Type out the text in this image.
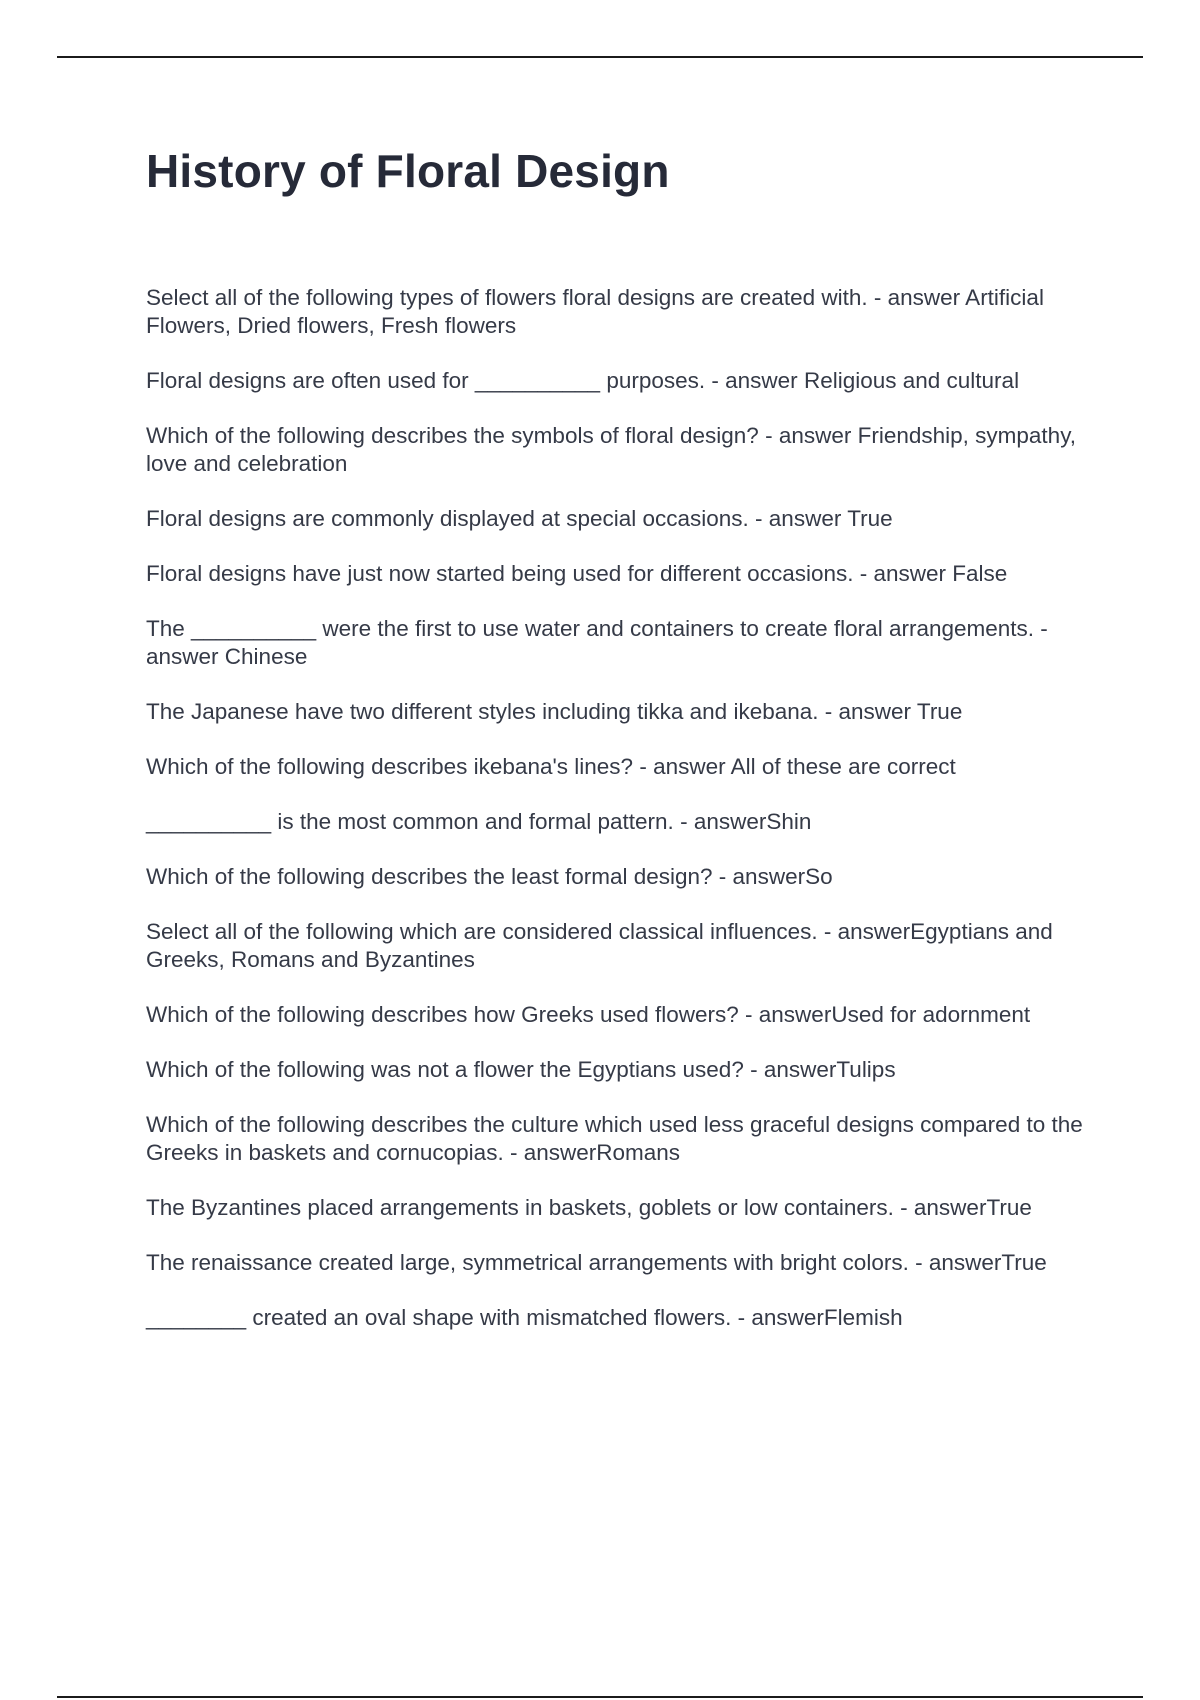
History of Floral Design
Select all of the following types of flowers floral designs are created with. - answer Artificial Flowers, Dried flowers, Fresh flowers
Floral designs are often used for __________ purposes. - answer Religious and cultural
Which of the following describes the symbols of floral design? - answer Friendship, sympathy, love and celebration
Floral designs are commonly displayed at special occasions. - answer True
Floral designs have just now started being used for different occasions. - answer False
The __________ were the first to use water and containers to create floral arrangements. - answer Chinese
The Japanese have two different styles including tikka and ikebana. - answer True
Which of the following describes ikebana's lines? - answer All of these are correct
__________ is the most common and formal pattern. - answerShin
Which of the following describes the least formal design? - answerSo
Select all of the following which are considered classical influences. - answerEgyptians and Greeks, Romans and Byzantines
Which of the following describes how Greeks used flowers? - answerUsed for adornment
Which of the following was not a flower the Egyptians used? - answerTulips
Which of the following describes the culture which used less graceful designs compared to the Greeks in baskets and cornucopias. - answerRomans
The Byzantines placed arrangements in baskets, goblets or low containers. - answerTrue
The renaissance created large, symmetrical arrangements with bright colors. - answerTrue
________ created an oval shape with mismatched flowers. - answerFlemish
